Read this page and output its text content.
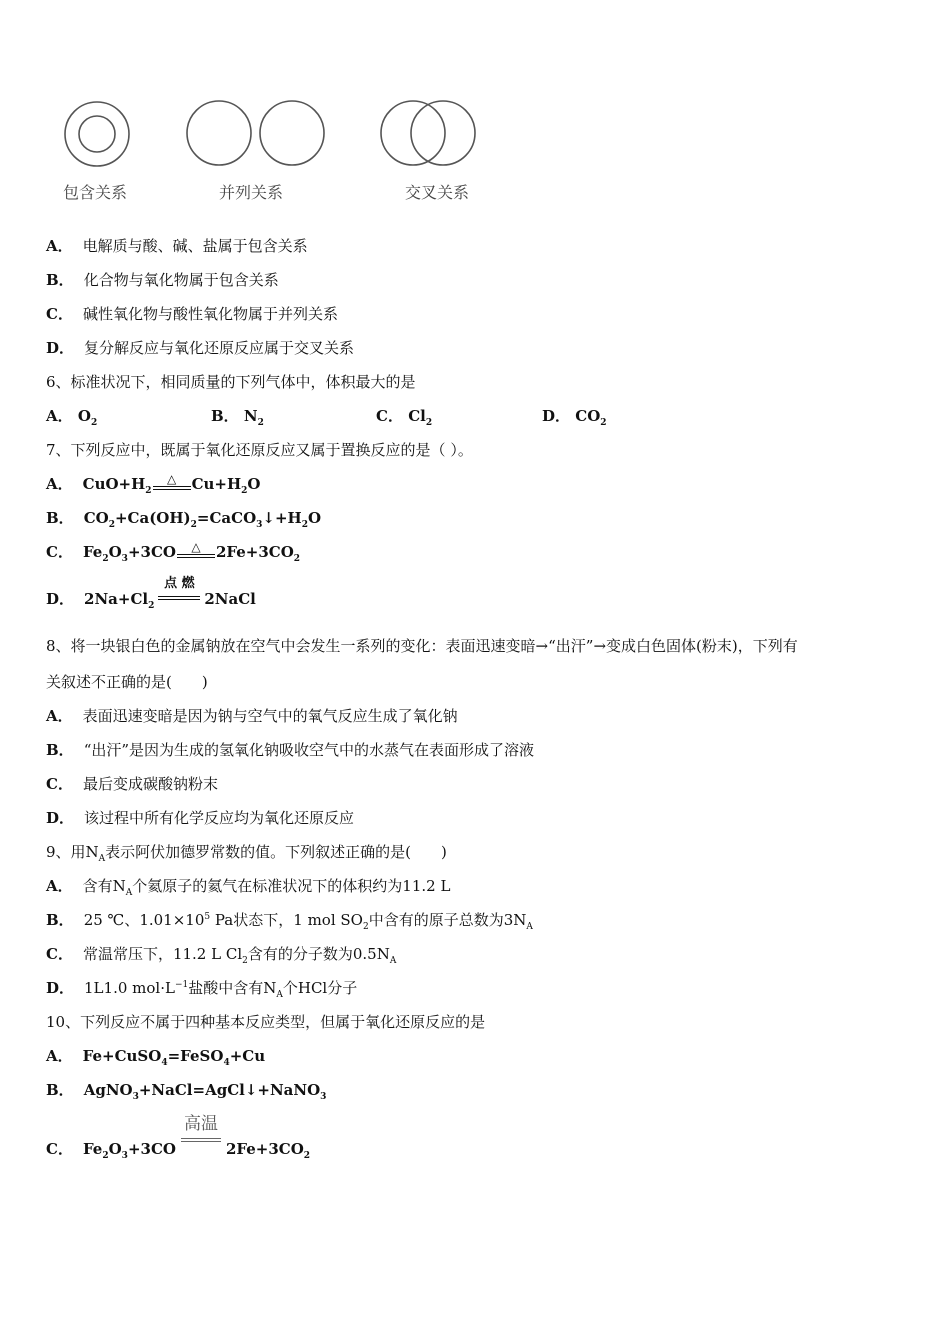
包含关系	并列关系	交叉关系
A． 电解质与酸、碱、盐属于包含关系
B． 化合物与氧化物属于包含关系
C． 碱性氧化物与酸性氧化物属于并列关系
D． 复分解反应与氧化还原反应属于交叉关系
6、标准状况下，相同质量的下列气体中，体积最大的是
A． $O_2$	B． $N_2$	C． $Cl_2$	D． $CO_2$
7、下列反应中，既属于氧化还原反应又属于置换反应的是（ ）。
A． $CuO+H_2$
△	$Cu+H_2O$
B． $CO_2+Ca(OH)_2=CaCO_3↓+H_2O$
C． $Fe_2O_3+3CO$	△	$2Fe+3CO_2$
D． $2Na+Cl_2$
点 燃
2NaCl
8、将一块银白色的金属钠放在空气中会发生一系列的变化：表面迅速变暗→“出汗”→变成白色固体(粉末)，下列有
关叙述不正确的是(　　)
A． 表面迅速变暗是因为钠与空气中的氧气反应生成了氧化钠
B． “出汗”是因为生成的氢氧化钠吸收空气中的水蒸气在表面形成了溶液
C． 最后变成碳酸钠粉末
D． 该过程中所有化学反应均为氧化还原反应
9、用$N_A$表示阿伏加德罗常数的值。下列叙述正确的是(　　)
A． 含有$N_A$个氦原子的氦气在标准状况下的体积约为11.2 L
B． 25 ℃、$1.01\times 10^5$ Pa状态下，1 mol $SO_2$中含有的原子总数为$3N_A$
C． 常温常压下，11.2 L $Cl_2$含有的分子数为$0.5N_A$
D． 1L1.0 $mol\cdot L^{-1}$盐酸中含有$N_A$个HCl分子
10、下列反应不属于四种基本反应类型，但属于氧化还原反应的是
A． Fe+CuSO$_4$=FeSO$_4$+Cu
B． AgNO$_3$+NaCl=AgCl↓+NaNO$_3$
C． $Fe_2O_3+3CO$
高温
$2Fe+3CO_2$
